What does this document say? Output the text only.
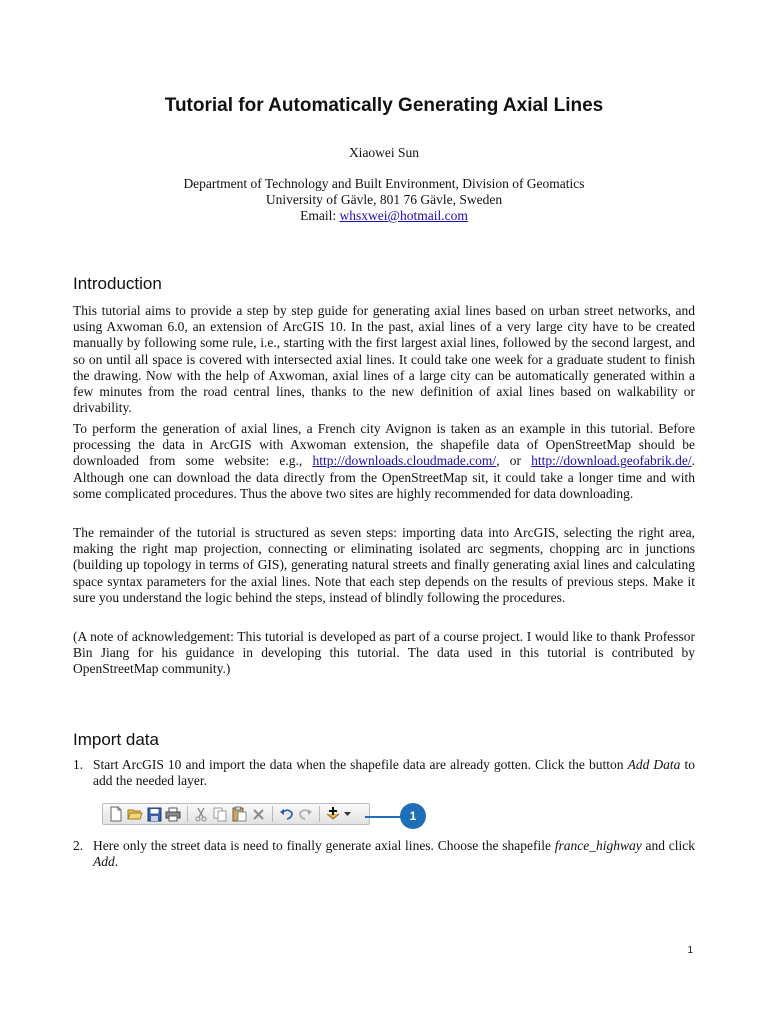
Tutorial for Automatically Generating Axial Lines
Xiaowei Sun
Department of Technology and Built Environment, Division of Geomatics
University of Gävle, 801 76 Gävle, Sweden
Email: whsxwei@hotmail.com
Introduction

This tutorial aims to provide a step by step guide for generating axial lines based on urban street networks, and using Axwoman 6.0, an extension of ArcGIS 10. In the past, axial lines of a very large city have to be created manually by following some rule, i.e., starting with the first largest axial lines, followed by the second largest, and so on until all space is covered with intersected axial lines. It could take one week for a graduate student to finish the drawing. Now with the help of Axwoman, axial lines of a large city can be automatically generated within a few minutes from the road central lines, thanks to the new definition of axial lines based on walkability or drivability.

To perform the generation of axial lines, a French city Avignon is taken as an example in this tutorial. Before processing the data in ArcGIS with Axwoman extension, the shapefile data of OpenStreetMap should be downloaded from some website: e.g., http://downloads.cloudmade.com/, or http://download.geofabrik.de/. Although one can download the data directly from the OpenStreetMap sit, it could take a longer time and with some complicated procedures. Thus the above two sites are highly recommended for data downloading.

The remainder of the tutorial is structured as seven steps: importing data into ArcGIS, selecting the right area, making the right map projection, connecting or eliminating isolated arc segments, chopping arc in junctions (building up topology in terms of GIS), generating natural streets and finally generating axial lines and calculating space syntax parameters for the axial lines. Note that each step depends on the results of previous steps. Make it sure you understand the logic behind the steps, instead of blindly following the procedures.

(A note of acknowledgement: This tutorial is developed as part of a course project. I would like to thank Professor Bin Jiang for his guidance in developing this tutorial. The data used in this tutorial is contributed by OpenStreetMap community.)

Import data
1. Start ArcGIS 10 and import the data when the shapefile data are already gotten. Click the button Add Data to add the needed layer.
1
2. Here only the street data is need to finally generate axial lines. Choose the shapefile france_highway and click Add.
1
